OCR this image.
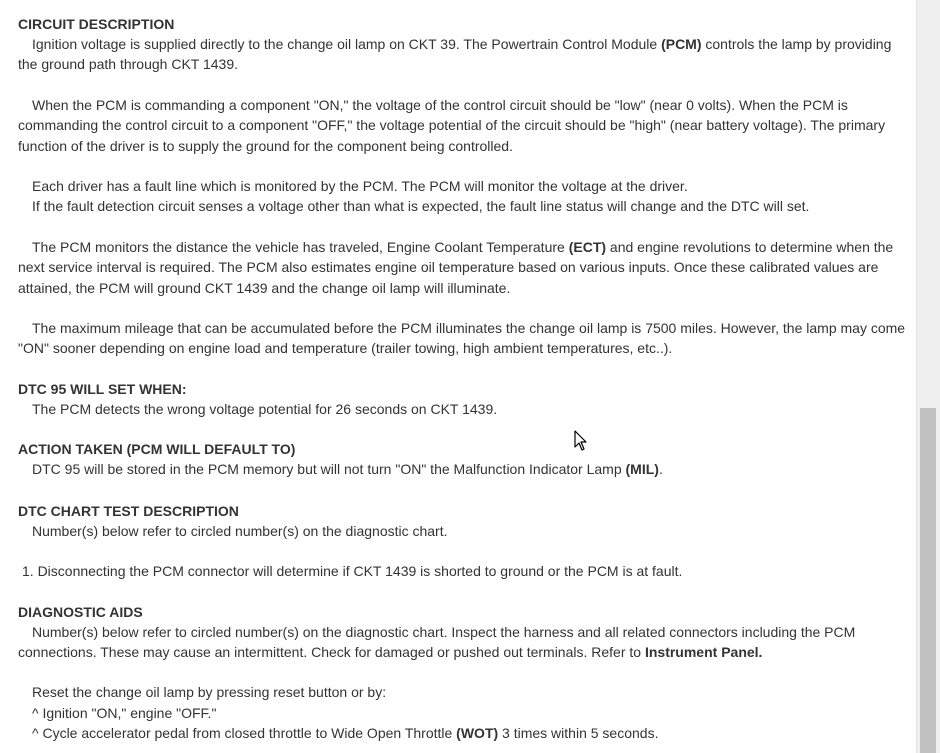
CIRCUIT DESCRIPTION

Ignition voltage is supplied directly to the change oil lamp on CKT 39. The Powertrain Control Module (PCM) controls the lamp by providing the ground path through CKT 1439.

When the PCM is commanding a component "ON," the voltage of the control circuit should be "low" (near 0 volts). When the PCM is commanding the control circuit to a component "OFF," the voltage potential of the circuit should be "high" (near battery voltage). The primary function of the driver is to supply the ground for the component being controlled.

Each driver has a fault line which is monitored by the PCM. The PCM will monitor the voltage at the driver.

If the fault detection circuit senses a voltage other than what is expected, the fault line status will change and the DTC will set.

The PCM monitors the distance the vehicle has traveled, Engine Coolant Temperature (ECT) and engine revolutions to determine when the next service interval is required. The PCM also estimates engine oil temperature based on various inputs. Once these calibrated values are attained, the PCM will ground CKT 1439 and the change oil lamp will illuminate.

The maximum mileage that can be accumulated before the PCM illuminates the change oil lamp is 7500 miles. However, the lamp may come "ON" sooner depending on engine load and temperature (trailer towing, high ambient temperatures, etc..).

DTC 95 WILL SET WHEN:

The PCM detects the wrong voltage potential for 26 seconds on CKT 1439.

ACTION TAKEN (PCM WILL DEFAULT TO)

DTC 95 will be stored in the PCM memory but will not turn "ON" the Malfunction Indicator Lamp (MIL).

DTC CHART TEST DESCRIPTION

Number(s) below refer to circled number(s) on the diagnostic chart.

1. Disconnecting the PCM connector will determine if CKT 1439 is shorted to ground or the PCM is at fault.

DIAGNOSTIC AIDS

Number(s) below refer to circled number(s) on the diagnostic chart. Inspect the harness and all related connectors including the PCM connections. These may cause an intermittent. Check for damaged or pushed out terminals. Refer to Instrument Panel.

Reset the change oil lamp by pressing reset button or by:

^ Ignition "ON," engine "OFF."

^ Cycle accelerator pedal from closed throttle to Wide Open Throttle (WOT) 3 times within 5 seconds.
